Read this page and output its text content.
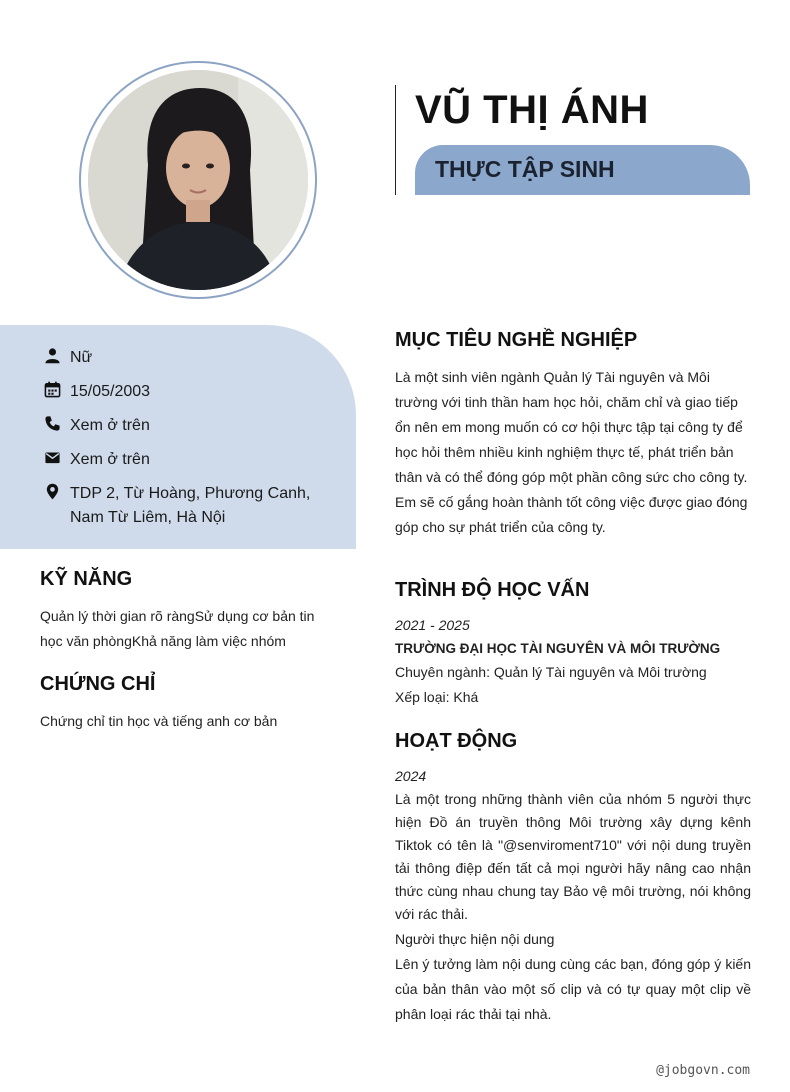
VŨ THỊ ÁNH
THỰC TẬP SINH
Nữ
15/05/2003
Xem ở trên
Xem ở trên
TDP 2, Từ Hoàng, Phương Canh, Nam Từ Liêm, Hà Nội
KỸ NĂNG
Quản lý thời gian rõ ràngSử dụng cơ bản tin học văn phòngKhả năng làm việc nhóm
CHỨNG CHỈ
Chứng chỉ tin học và tiếng anh cơ bản
MỤC TIÊU NGHỀ NGHIỆP
Là một sinh viên ngành Quản lý Tài nguyên và Môi trường với tinh thần ham học hỏi, chăm chỉ và giao tiếp ổn nên em mong muốn có cơ hội thực tập tại công ty để học hỏi thêm nhiều kinh nghiệm thực tế, phát triển bản thân và có thể đóng góp một phần công sức cho công ty. Em sẽ cố gắng hoàn thành tốt công việc được giao đóng góp cho sự phát triển của công ty.
TRÌNH ĐỘ HỌC VẤN
2021 - 2025
TRƯỜNG ĐẠI HỌC TÀI NGUYÊN VÀ MÔI TRƯỜNG
Chuyên ngành: Quản lý Tài nguyên và Môi trường
Xếp loại: Khá
HOẠT ĐỘNG
2024
Là một trong những thành viên của nhóm 5 người thực hiện Đồ án truyền thông Môi trường xây dựng kênh Tiktok có tên là "@senviroment710" với nội dung truyền tải thông điệp đến tất cả mọi người hãy nâng cao nhận thức cùng nhau chung tay Bảo vệ môi trường, nói không với rác thải.
Người thực hiện nội dung
Lên ý tưởng làm nội dung cùng các bạn, đóng góp ý kiến của bản thân vào một số clip và có tự quay một clip về phân loại rác thải tại nhà.
@jobgovn.com
